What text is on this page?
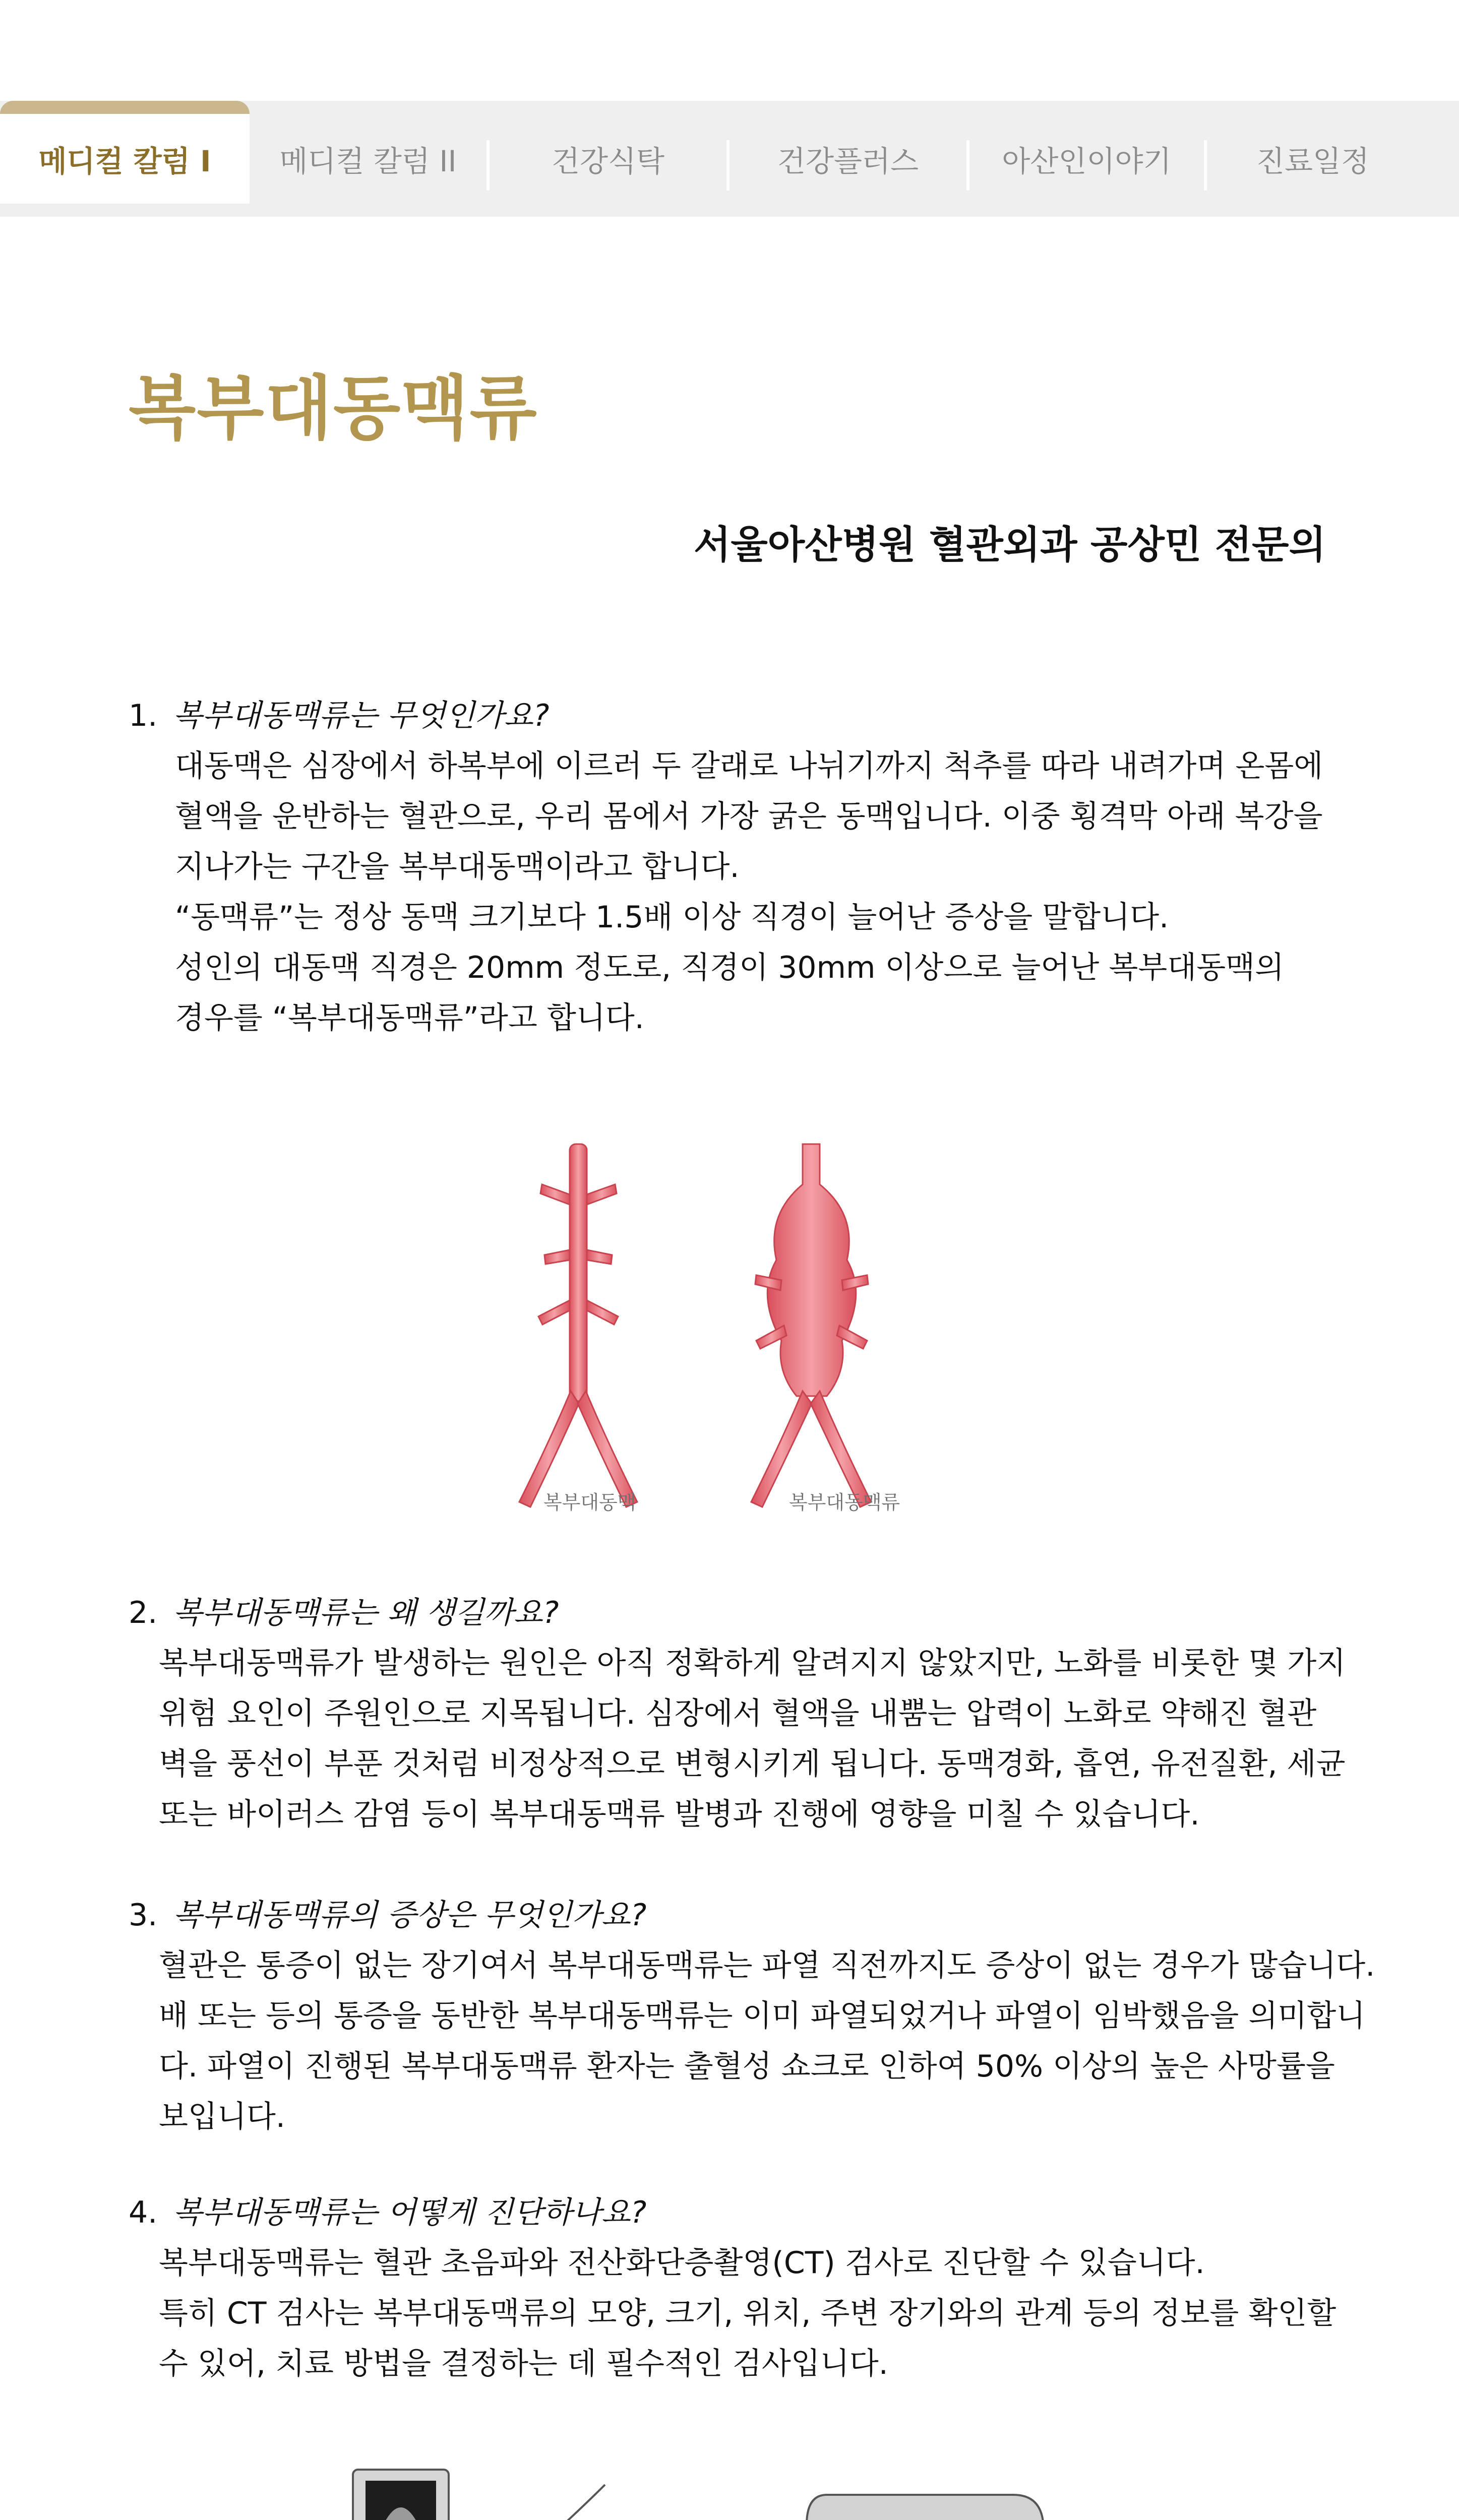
메디컬 칼럼 I	메디컬 칼럼 II	건강식탁	건강플러스	아산인이야기	진료일정
복부대동맥류
서울아산병원 혈관외과 공상민 전문의

1. 복부대동맥류는 무엇인가요?

대동맥은 심장에서 하복부에 이르러 두 갈래로 나뉘기까지 척추를 따라 내려가며 온몸에

혈액을 운반하는 혈관으로, 우리 몸에서 가장 굵은 동맥입니다. 이중 횡격막 아래 복강을

지나가는 구간을 복부대동맥이라고 합니다.

“동맥류”는 정상 동맥 크기보다 1.5배 이상 직경이 늘어난 증상을 말합니다.

성인의 대동맥 직경은 20mm 정도로, 직경이 30mm 이상으로 늘어난 복부대동맥의

경우를 “복부대동맥류”라고 합니다.

복부대동맥	복부대동맥류

2. 복부대동맥류는 왜 생길까요?

복부대동맥류가 발생하는 원인은 아직 정확하게 알려지지 않았지만, 노화를 비롯한 몇 가지

위험 요인이 주원인으로 지목됩니다. 심장에서 혈액을 내뿜는 압력이 노화로 약해진 혈관

벽을 풍선이 부푼 것처럼 비정상적으로 변형시키게 됩니다. 동맥경화, 흡연, 유전질환, 세균

또는 바이러스 감염 등이 복부대동맥류 발병과 진행에 영향을 미칠 수 있습니다.

3. 복부대동맥류의 증상은 무엇인가요?

혈관은 통증이 없는 장기여서 복부대동맥류는 파열 직전까지도 증상이 없는 경우가 많습니다.

배 또는 등의 통증을 동반한 복부대동맥류는 이미 파열되었거나 파열이 임박했음을 의미합니

다. 파열이 진행된 복부대동맥류 환자는 출혈성 쇼크로 인하여 50% 이상의 높은 사망률을

보입니다.

4. 복부대동맥류는 어떻게 진단하나요?

복부대동맥류는 혈관 초음파와 전산화단층촬영(CT) 검사로 진단할 수 있습니다.

특히 CT 검사는 복부대동맥류의 모양, 크기, 위치, 주변 장기와의 관계 등의 정보를 확인할

수 있어, 치료 방법을 결정하는 데 필수적인 검사입니다.
